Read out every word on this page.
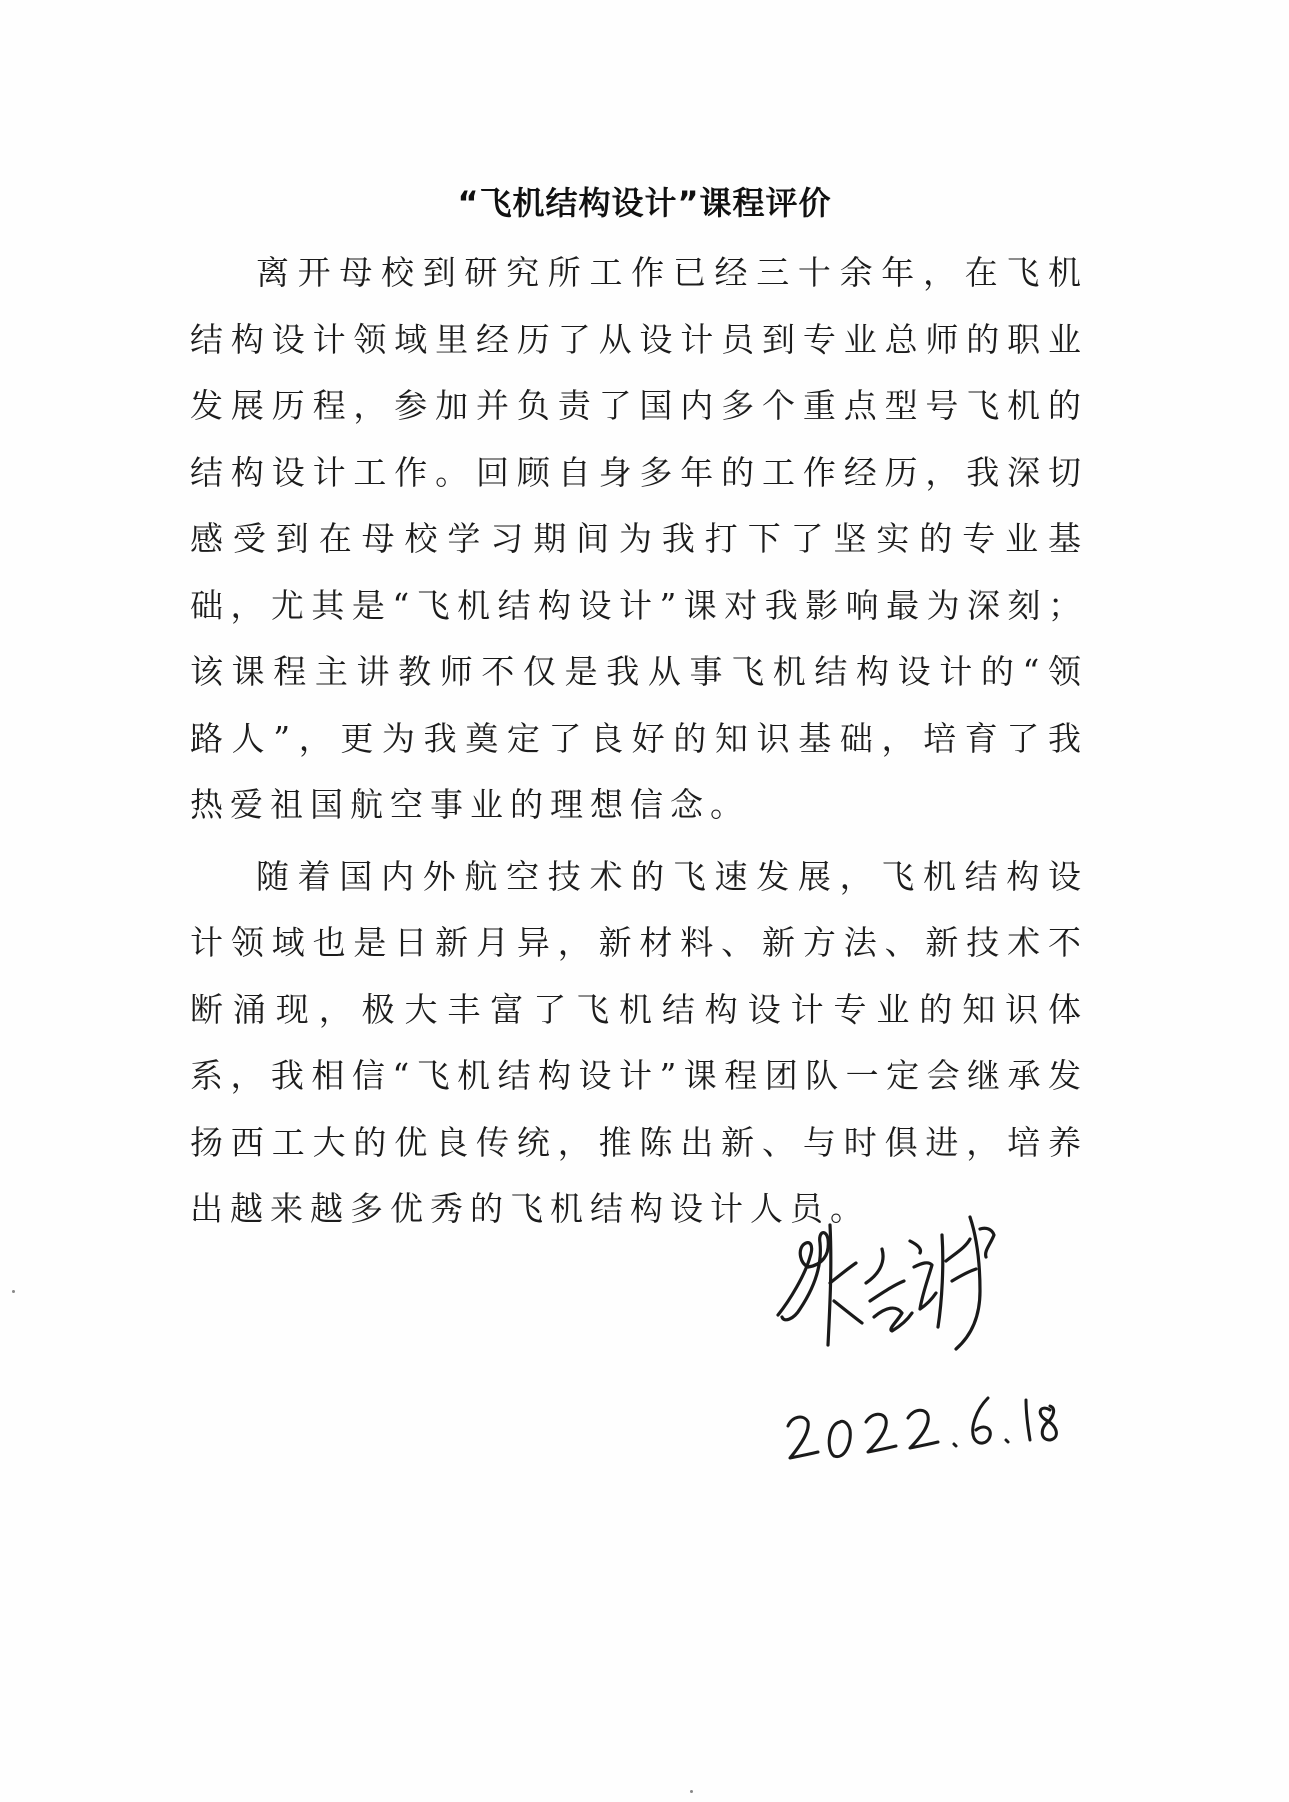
“飞机结构设计”课程评价

离开母校到研究所工作已经三十余年，在飞机结构设计领域里经历了从设计员到专业总师的职业发展历程，参加并负责了国内多个重点型号飞机的结构设计工作。回顾自身多年的工作经历，我深切感受到在母校学习期间为我打下了坚实的专业基础，尤其是“飞机结构设计”课对我影响最为深刻；该课程主讲教师不仅是我从事飞机结构设计的“领路人”，更为我奠定了良好的知识基础，培育了我热爱祖国航空事业的理想信念。

随着国内外航空技术的飞速发展，飞机结构设计领域也是日新月异，新材料、新方法、新技术不断涌现，极大丰富了飞机结构设计专业的知识体系，我相信“飞机结构设计”课程团队一定会继承发扬西工大的优良传统，推陈出新、与时俱进，培养出越来越多优秀的飞机结构设计人员。
